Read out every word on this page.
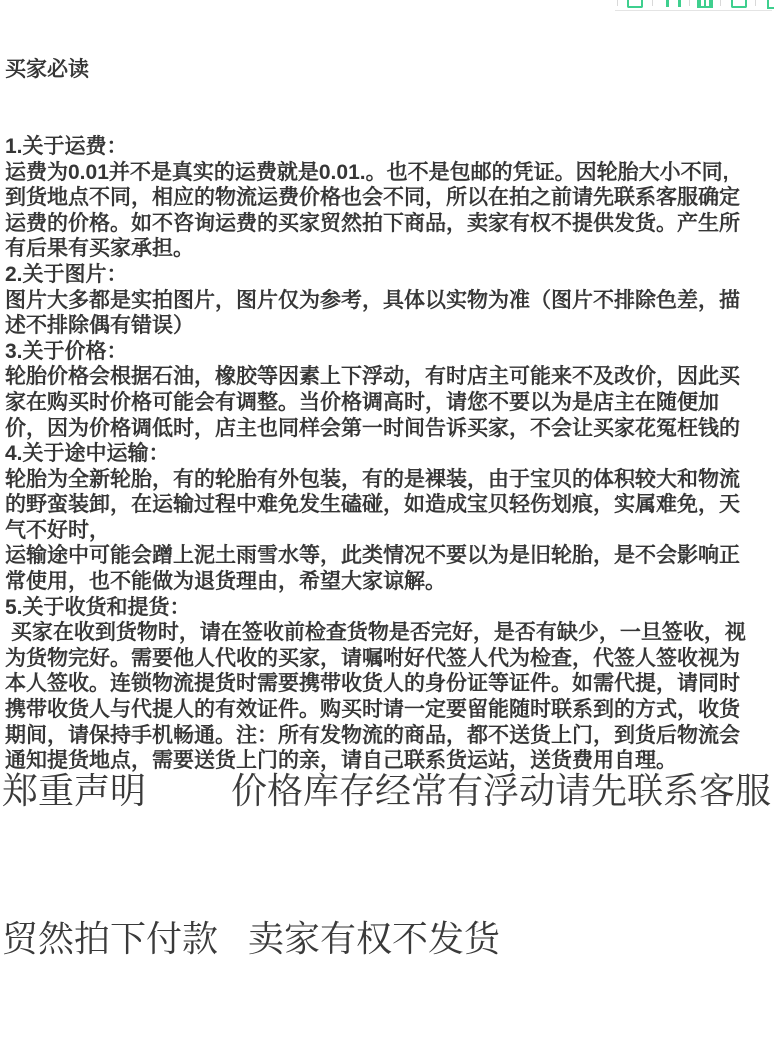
买家必读

1.关于运费：
运费为0.01并不是真实的运费就是0.01.。也不是包邮的凭证。因轮胎大小不同,
到货地点不同，相应的物流运费价格也会不同，所以在拍之前请先联系客服确定
运费的价格。如不咨询运费的买家贸然拍下商品，卖家有权不提供发货。产生所
有后果有买家承担。
2.关于图片：
图片大多都是实拍图片，图片仅为参考，具体以实物为准（图片不排除色差，描
述不排除偶有错误）
3.关于价格：
轮胎价格会根据石油，橡胶等因素上下浮动，有时店主可能来不及改价，因此买
家在购买时价格可能会有调整。当价格调高时，请您不要以为是店主在随便加
价，因为价格调低时，店主也同样会第一时间告诉买家，不会让买家花冤枉钱的
4.关于途中运输：
轮胎为全新轮胎，有的轮胎有外包装，有的是裸装，由于宝贝的体积较大和物流
的野蛮装卸，在运输过程中难免发生磕碰，如造成宝贝轻伤划痕，实属难免，天
气不好时，
运输途中可能会蹭上泥土雨雪水等，此类情况不要以为是旧轮胎，是不会影响正
常使用，也不能做为退货理由，希望大家谅解。
5.关于收货和提货：
买家在收到货物时，请在签收前检查货物是否完好，是否有缺少，一旦签收，视
为货物完好。需要他人代收的买家，请嘱咐好代签人代为检查，代签人签收视为
本人签收。连锁物流提货时需要携带收货人的身份证等证件。如需代提，请同时
携带收货人与代提人的有效证件。购买时请一定要留能随时联系到的方式，收货
期间，请保持手机畅通。注：所有发物流的商品，都不送货上门，到货后物流会
通知提货地点，需要送货上门的亲，请自己联系货运站，送货费用自理。

郑重声明 价格库存经常有浮动请先联系客服

贸然拍下付款 卖家有权不发货
